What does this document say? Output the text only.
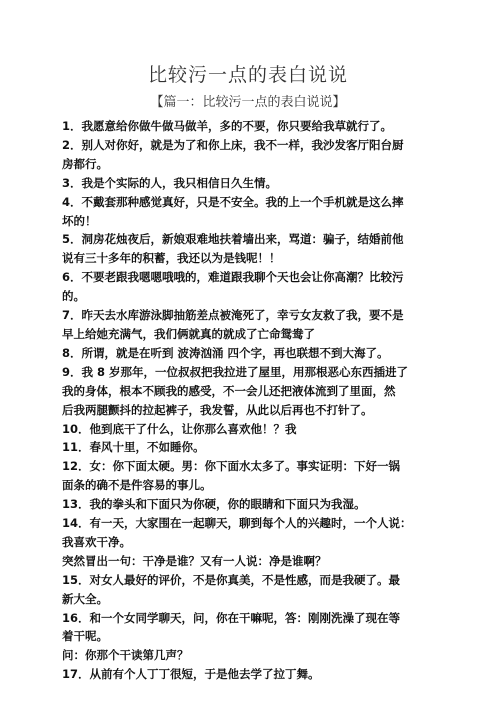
比较污一点的表白说说
【篇一：比较污一点的表白说说】

1．我愿意给你做牛做马做羊，多的不要，你只要给我草就行了。

2．别人对你好，就是为了和你上床，我不一样，我沙发客厅阳台厨
房都行。

3．我是个实际的人，我只相信日久生情。

4．不戴套那种感觉真好，只是不安全。我的上一个手机就是这么摔
坏的！

5．洞房花烛夜后，新娘艰难地扶着墙出来，骂道：骗子，结婚前他
说有三十多年的积蓄，我还以为是钱呢！！

6．不要老跟我嗯嗯哦哦的，难道跟我聊个天也会让你高潮？比较污
的。

7．昨天去水库游泳脚抽筋差点被淹死了，幸亏女友救了我，要不是
早上给她充满气，我们俩就真的就成了亡命鸳鸯了

8．所谓，就是在听到 波涛汹涌 四个字，再也联想不到大海了。

9．我 8 岁那年，一位叔叔把我拉进了屋里，用那根恶心东西插进了
我的身体，根本不顾我的感受，不一会儿还把液体流到了里面，然
后我两腿颤抖的拉起裤子，我发誓，从此以后再也不打针了。

10．他到底干了什么，让你那么喜欢他！？我

11．春风十里，不如睡你。

12．女：你下面太硬。男：你下面水太多了。事实证明：下好一锅
面条的确不是件容易的事儿。

13．我的拳头和下面只为你硬，你的眼睛和下面只为我湿。

14．有一天，大家围在一起聊天，聊到每个人的兴趣时，一个人说：
我喜欢干净。

突然冒出一句：干净是谁？又有一人说：净是谁啊？

15．对女人最好的评价，不是你真美，不是性感，而是我硬了。最
新大全。

16．和一个女同学聊天，问，你在干嘛呢，答：刚刚洗澡了现在等
着干呢。

问：你那个干读第几声？

17．从前有个人丁丁很短，于是他去学了拉丁舞。
